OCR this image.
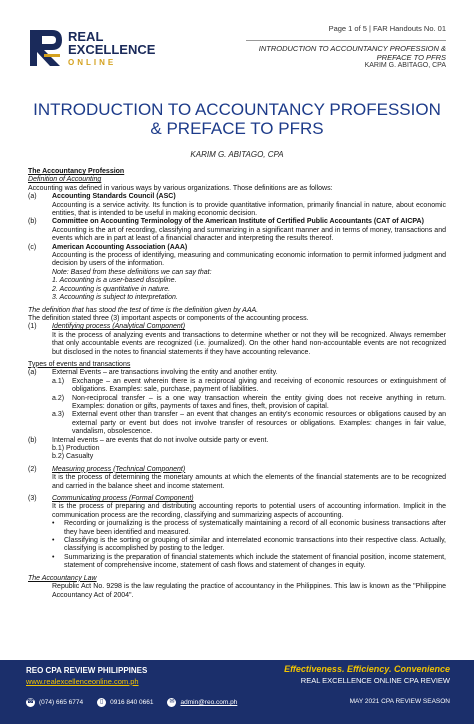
REAL
EXCELLENCE
ONLINE
Page 1 of 5 | FAR Handouts No. 01
INTRODUCTION TO ACCOUNTANCY PROFESSION & PREFACE TO PFRS
KARIM G. ABITAGO, CPA
INTRODUCTION TO ACCOUNTANCY PROFESSION & PREFACE TO PFRS
KARIM G. ABITAGO, CPA

The Accountancy Profession

Definition of Accounting

Accounting was defined in various ways by various organizations. Those definitions are as follows:

(a)	Accounting Standards Council (ASC)

Accounting is a service activity. Its function is to provide quantitative information, primarily financial in nature, about economic entities, that is intended to be useful in making economic decision.

(b)	Committee on Accounting Terminology of the American Institute of Certified Public Accountants (CAT of AICPA)

Accounting is the art of recording, classifying and summarizing in a significant manner and in terms of money, transactions and events which are in part at least of a financial character and interpreting the results thereof.

(c)	American Accounting Association (AAA)

Accounting is the process of identifying, measuring and communicating economic information to permit informed judgment and decision by users of the information.

Note: Based from these definitions we can say that:

1. Accounting is a user-based discipline.

2. Accounting is quantitative in nature.

3. Accounting is subject to interpretation.

The definition that has stood the test of time is the definition given by AAA.

The definition stated three (3) important aspects or components of the accounting process.

(1)	Identifying process (Analytical Component)

It is the process of analyzing events and transactions to determine whether or not they will be recognized. Always remember that only accountable events are recognized (i.e. journalized). On the other hand non-accountable events are not recognized but disclosed in the notes to financial statements if they have accounting relevance.

Types of events and transactions

(a)	External Events – are transactions involving the entity and another entity.
a.1)	Exchange – an event wherein there is a reciprocal giving and receiving of economic resources or extinguishment of obligations. Examples: sale, purchase, payment of liabilities.
a.2)	Non-reciprocal transfer – is a one way transaction wherein the entity giving does not receive anything in return. Examples: donation or gifts, payments of taxes and fines, theft, provision of capital.
a.3)	External event other than transfer – an event that changes an entity's economic resources or obligations caused by an external party or event but does not involve transfer of resources or obligations. Examples: changes in fair value, vandalism, obsolescence.
(b)	Internal events – are events that do not involve outside party or event.

b.1) Production

b.2) Casualty

(2)	Measuring process (Technical Component)

It is the process of determining the monetary amounts at which the elements of the financial statements are to be recognized and carried in the balance sheet and income statement.

(3)	Communicating process (Formal Component)

It is the process of preparing and distributing accounting reports to potential users of accounting information. Implicit in the communication process are the recording, classifying and summarizing aspects of accounting.

•	Recording or journalizing is the process of systematically maintaining a record of all economic business transactions after they have been identified and measured.
•	Classifying is the sorting or grouping of similar and interrelated economic transactions into their respective class. Actually, classifying is accomplished by posting to the ledger.
•	Summarizing is the preparation of financial statements which include the statement of financial position, income statement, statement of comprehensive income, statement of cash flows and statement of changes in equity.

The Accountancy Law

Republic Act No. 9298 is the law regulating the practice of accountancy in the Philippines. This law is known as the "Philippine Accountancy Act of 2004".

REO CPA REVIEW PHILIPPINES
www.realexcellenceonline.com.ph
Effectiveness. Efficiency. Convenience
REAL EXCELLENCE ONLINE CPA REVIEW
☎ (074) 665 6774	▯	0916 840 0661	✉ admin@reo.com.ph	MAY 2021 CPA REVIEW SEASON
